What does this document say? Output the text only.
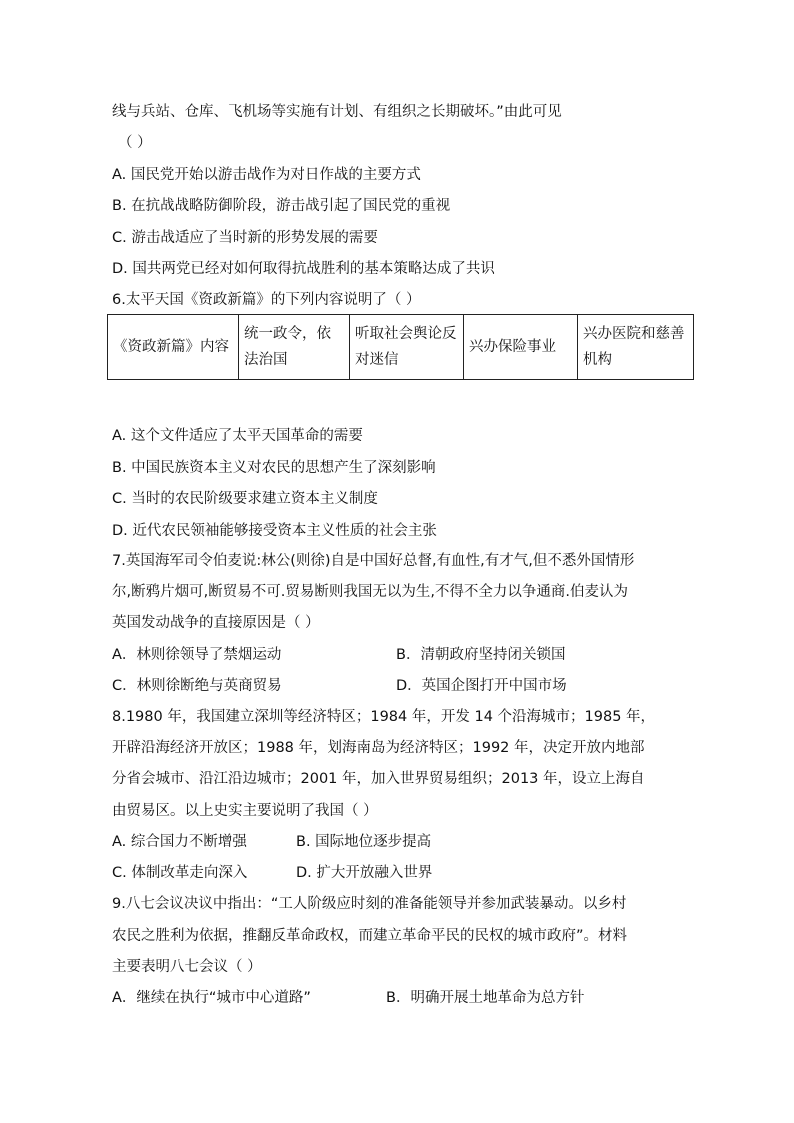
线与兵站、仓库、飞机场等实施有计划、有组织之长期破坏。”由此可见
（ ）
A. 国民党开始以游击战作为对日作战的主要方式
B. 在抗战战略防御阶段，游击战引起了国民党的重视
C. 游击战适应了当时新的形势发展的需要
D. 国共两党已经对如何取得抗战胜利的基本策略达成了共识
6.太平天国《资政新篇》的下列内容说明了（ ）
《资政新篇》内容	统一政令，依法治国	听取社会舆论反对迷信	兴办保险事业	兴办医院和慈善机构
A. 这个文件适应了太平天国革命的需要
B. 中国民族资本主义对农民的思想产生了深刻影响
C. 当时的农民阶级要求建立资本主义制度
D. 近代农民领袖能够接受资本主义性质的社会主张
7.英国海军司令伯麦说:林公(则徐)自是中国好总督,有血性,有才气,但不悉外国情形
尔,断鸦片烟可,断贸易不可.贸易断则我国无以为生,不得不全力以争通商.伯麦认为
英国发动战争的直接原因是（ ）
A．林则徐领导了禁烟运动	B．清朝政府坚持闭关锁国
C．林则徐断绝与英商贸易	D．英国企图打开中国市场
8.1980 年，我国建立深圳等经济特区；1984 年，开发 14 个沿海城市；1985 年，
开辟沿海经济开放区；1988 年，划海南岛为经济特区；1992 年，决定开放内地部
分省会城市、沿江沿边城市；2001 年，加入世界贸易组织；2013 年，设立上海自
由贸易区。以上史实主要说明了我国（ ）
A. 综合国力不断增强	B. 国际地位逐步提高
C. 体制改革走向深入	D. 扩大开放融入世界
9.八七会议决议中指出：“工人阶级应时刻的准备能领导并参加武装暴动。以乡村
农民之胜利为依据，推翻反革命政权，而建立革命平民的民权的城市政府”。材料
主要表明八七会议（ ）
A．继续在执行“城市中心道路”	B．明确开展土地革命为总方针
